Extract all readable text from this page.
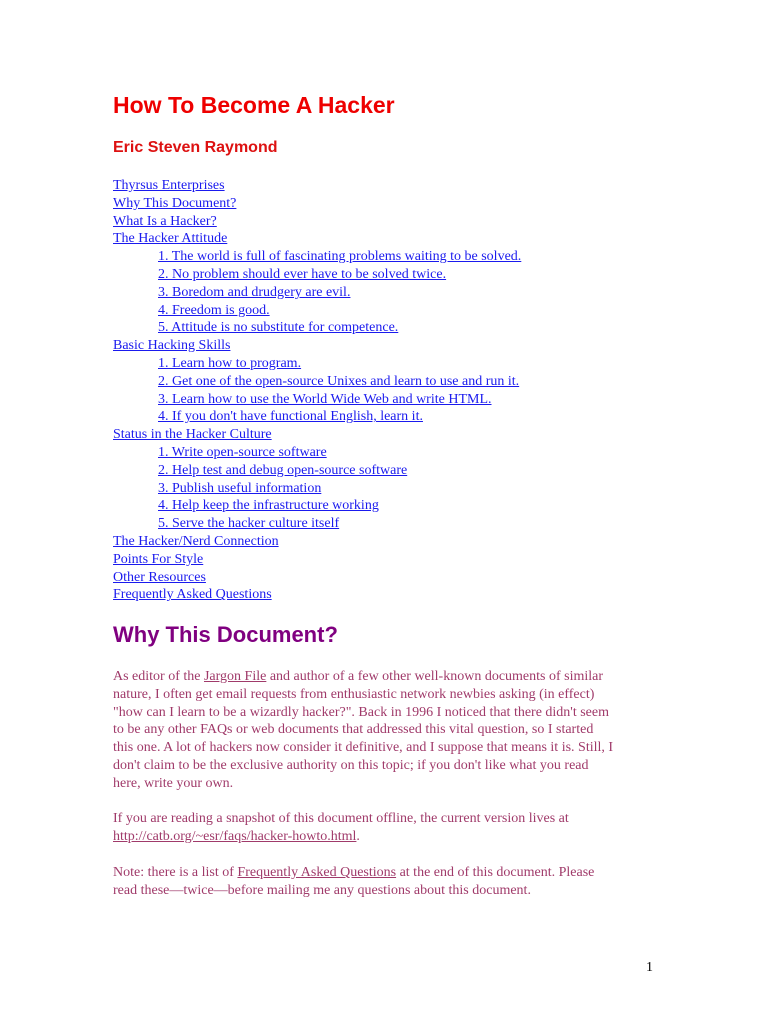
How To Become A Hacker
Eric Steven Raymond
Thyrsus Enterprises
Why This Document?
What Is a Hacker?
The Hacker Attitude
1. The world is full of fascinating problems waiting to be solved.
2. No problem should ever have to be solved twice.
3. Boredom and drudgery are evil.
4. Freedom is good.
5. Attitude is no substitute for competence.
Basic Hacking Skills
1. Learn how to program.
2. Get one of the open-source Unixes and learn to use and run it.
3. Learn how to use the World Wide Web and write HTML.
4. If you don't have functional English, learn it.
Status in the Hacker Culture
1. Write open-source software
2. Help test and debug open-source software
3. Publish useful information
4. Help keep the infrastructure working
5. Serve the hacker culture itself
The Hacker/Nerd Connection
Points For Style
Other Resources
Frequently Asked Questions
Why This Document?
As editor of the Jargon File and author of a few other well-known documents of similar
nature, I often get email requests from enthusiastic network newbies asking (in effect)
"how can I learn to be a wizardly hacker?". Back in 1996 I noticed that there didn't seem
to be any other FAQs or web documents that addressed this vital question, so I started
this one. A lot of hackers now consider it definitive, and I suppose that means it is. Still, I
don't claim to be the exclusive authority on this topic; if you don't like what you read
here, write your own.
If you are reading a snapshot of this document offline, the current version lives at
http://catb.org/~esr/faqs/hacker-howto.html.
Note: there is a list of Frequently Asked Questions at the end of this document. Please
read these—twice—before mailing me any questions about this document.
1
